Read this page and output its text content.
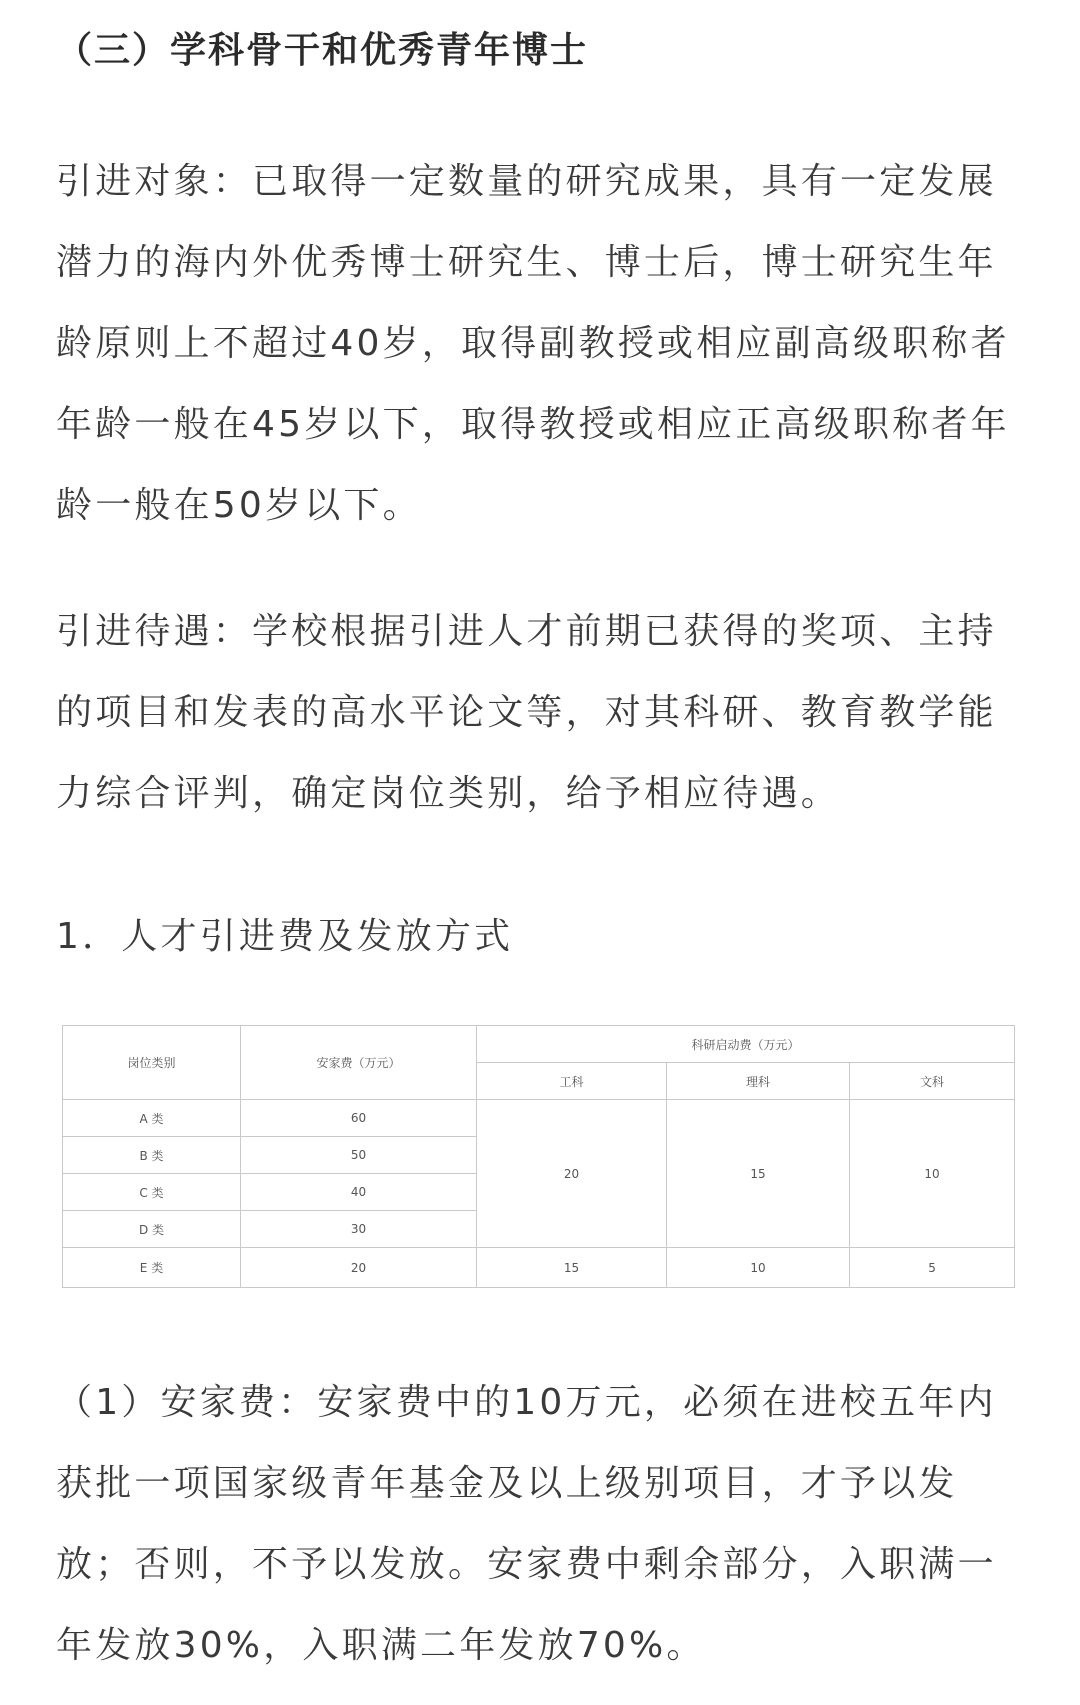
（三）学科骨干和优秀青年博士

引进对象：已取得一定数量的研究成果，具有一定发展潜力的海内外优秀博士研究生、博士后，博士研究生年龄原则上不超过40岁，取得副教授或相应副高级职称者年龄一般在45岁以下，取得教授或相应正高级职称者年龄一般在50岁以下。

引进待遇：学校根据引进人才前期已获得的奖项、主持的项目和发表的高水平论文等，对其科研、教育教学能力综合评判，确定岗位类别，给予相应待遇。

1．人才引进费及发放方式

岗位类别	安家费（万元）	科研启动费（万元）		
		工科	理科	文科
A 类	60	20	15	10
B 类	50			
C 类	40			
D 类	30			
E 类	20	15	10	5

（1）安家费：安家费中的10万元，必须在进校五年内获批一项国家级青年基金及以上级别项目，才予以发放；否则，不予以发放。安家费中剩余部分，入职满一年发放30%，入职满二年发放70%。
